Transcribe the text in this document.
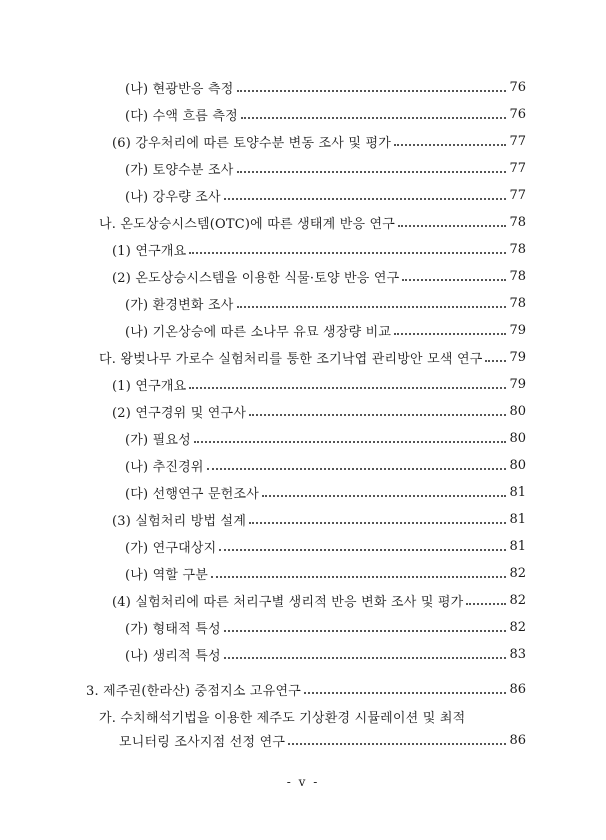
(나) 현광반응 측정	76
(다) 수액 흐름 측정	76
(6) 강우처리에 따른 토양수분 변동 조사 및 평가	77
(가) 토양수분 조사	77
(나) 강우량 조사	77
나. 온도상승시스템(OTC)에 따른 생태계 반응 연구	78
(1) 연구개요	78
(2) 온도상승시스템을 이용한 식물·토양 반응 연구	78
(가) 환경변화 조사	78
(나) 기온상승에 따른 소나무 유묘 생장량 비교	79
다. 왕벚나무 가로수 실험처리를 통한 조기낙엽 관리방안 모색 연구 79
(1) 연구개요	79
(2) 연구경위 및 연구사	80
(가) 필요성	80
(나) 추진경위	80
(다) 선행연구 문헌조사	81
(3) 실험처리 방법 설계	81
(가) 연구대상지	81
(나) 역할 구분	82
(4) 실험처리에 따른 처리구별 생리적 반응 변화 조사 및 평가	82
(가) 형태적 특성	82
(나) 생리적 특성	83
3. 제주권(한라산) 중점지소 고유연구	86
가. 수치해석기법을 이용한 제주도 기상환경 시뮬레이션 및 최적
모니터링 조사지점 선정 연구	86
- v -
